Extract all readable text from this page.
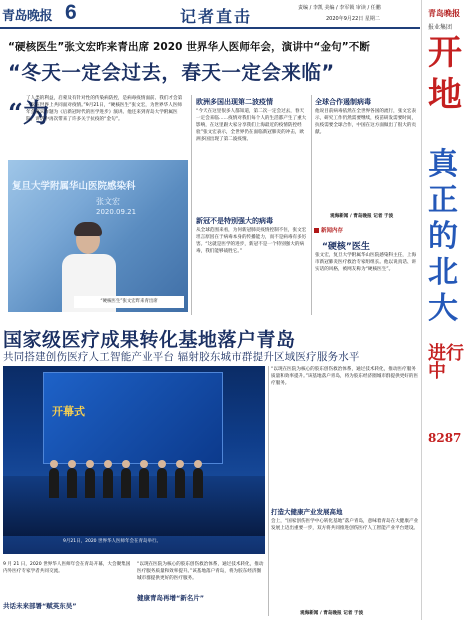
青岛晚报 6	记者直击	责编 / 李凯 美编 / 李军锁 审读 / 任鹏
2020年9月22日 星期二
“硬核医生”张文宏昨来青出席 2020 世界华人医师年会，演讲中“金句”不断
“冬天一定会过去，春天一定会来临”
“为
了人类的利益，启蒙及有针对性的传染病防控，是病毒疫情面前、我们才会第一次在世界上共同面对疫情。”9月21日，“硬核医生”张文宏，为世界华人医师年会嘉宾作题为《后新冠时代的医学进步》演讲。他还来到青岛大学附属医院。讲话中再次带来了许多关于抗疫的“金句”。
复旦大学附属华山医院感染科
张文宏
2020.09.21
“硬核医生”张文宏昨来青出席
欧洲多国出现第二波疫情
“今天在这里很多人都知道，第二次一定会过去，春天一定会来临……疫情对我们每个人的生活都产生了重大影响，在这里跟大家分享我们上海最近的疫情防控经验”张文宏表示，全世界仍在面临新冠肺炎的冲击，欧洲多国出现了第二波疫情。
新冠不是特别强大的病毒
从全球范围来看，为何新冠肺炎疫情控制不住，张文宏坦言原因在于病毒本身的传播能力，而不是病毒有多厉害。“这就是医学的进步，新冠不是一个特别强大的病毒，我们能够战胜它。”
全球合作遏制病毒
他说目前病毒依然在全世界各国的流行，张文宏表示，研究工作仍然需要继续，疫苗研发需要时间，抗疫需要全球合作，中国在这方面做出了很大的贡献。
观海新闻 / 青岛晚报 记者 于波
新闻内存
“硬核”医生
张文宏，复旦大学附属华山医院感染科主任，上海市新冠肺炎医疗救治专家组组长。他以说真话、讲实话的风格，被网友称为“硬核医生”。
国家级医疗成果转化基地落户青岛
共同搭建创伤医疗人工智能产业平台 辐射胶东城市群提升区域医疗服务水平
开幕式
9月21日，2020 世界华人医师年会在青岛举行。
9 月 21 日，2020 世界华人医师年会在青岛开幕，大会聚集国内外医疗专家学者共同交流。
共话未来部署“赋英东吴”
“以现在医院为核心的胶东创伤救治体系，通过技术转化，推动医疗服务质量和效率提升。”该基地落户青岛，将为胶东经济圈城市群提供更好的医疗服务。
健康青岛再增“新名片”
“以现在医院为核心的胶东创伤救治体系，通过技术转化，推动医疗服务质量和效率提升。”该基地落户青岛，将为胶东经济圈城市群提供更好的医疗服务。
打造大健康产业发展高地
会上，“国家创伤医学中心转化基地”落户青岛，意味着青岛在大健康产业发展上迈出重要一步，双方将共同推进创伤医疗人工智能产业平台建设。
观海新闻 / 青岛晚报 记者 于波
青岛晚报
报业集团
开
地
真
正
的
北
大
进行中
8287
